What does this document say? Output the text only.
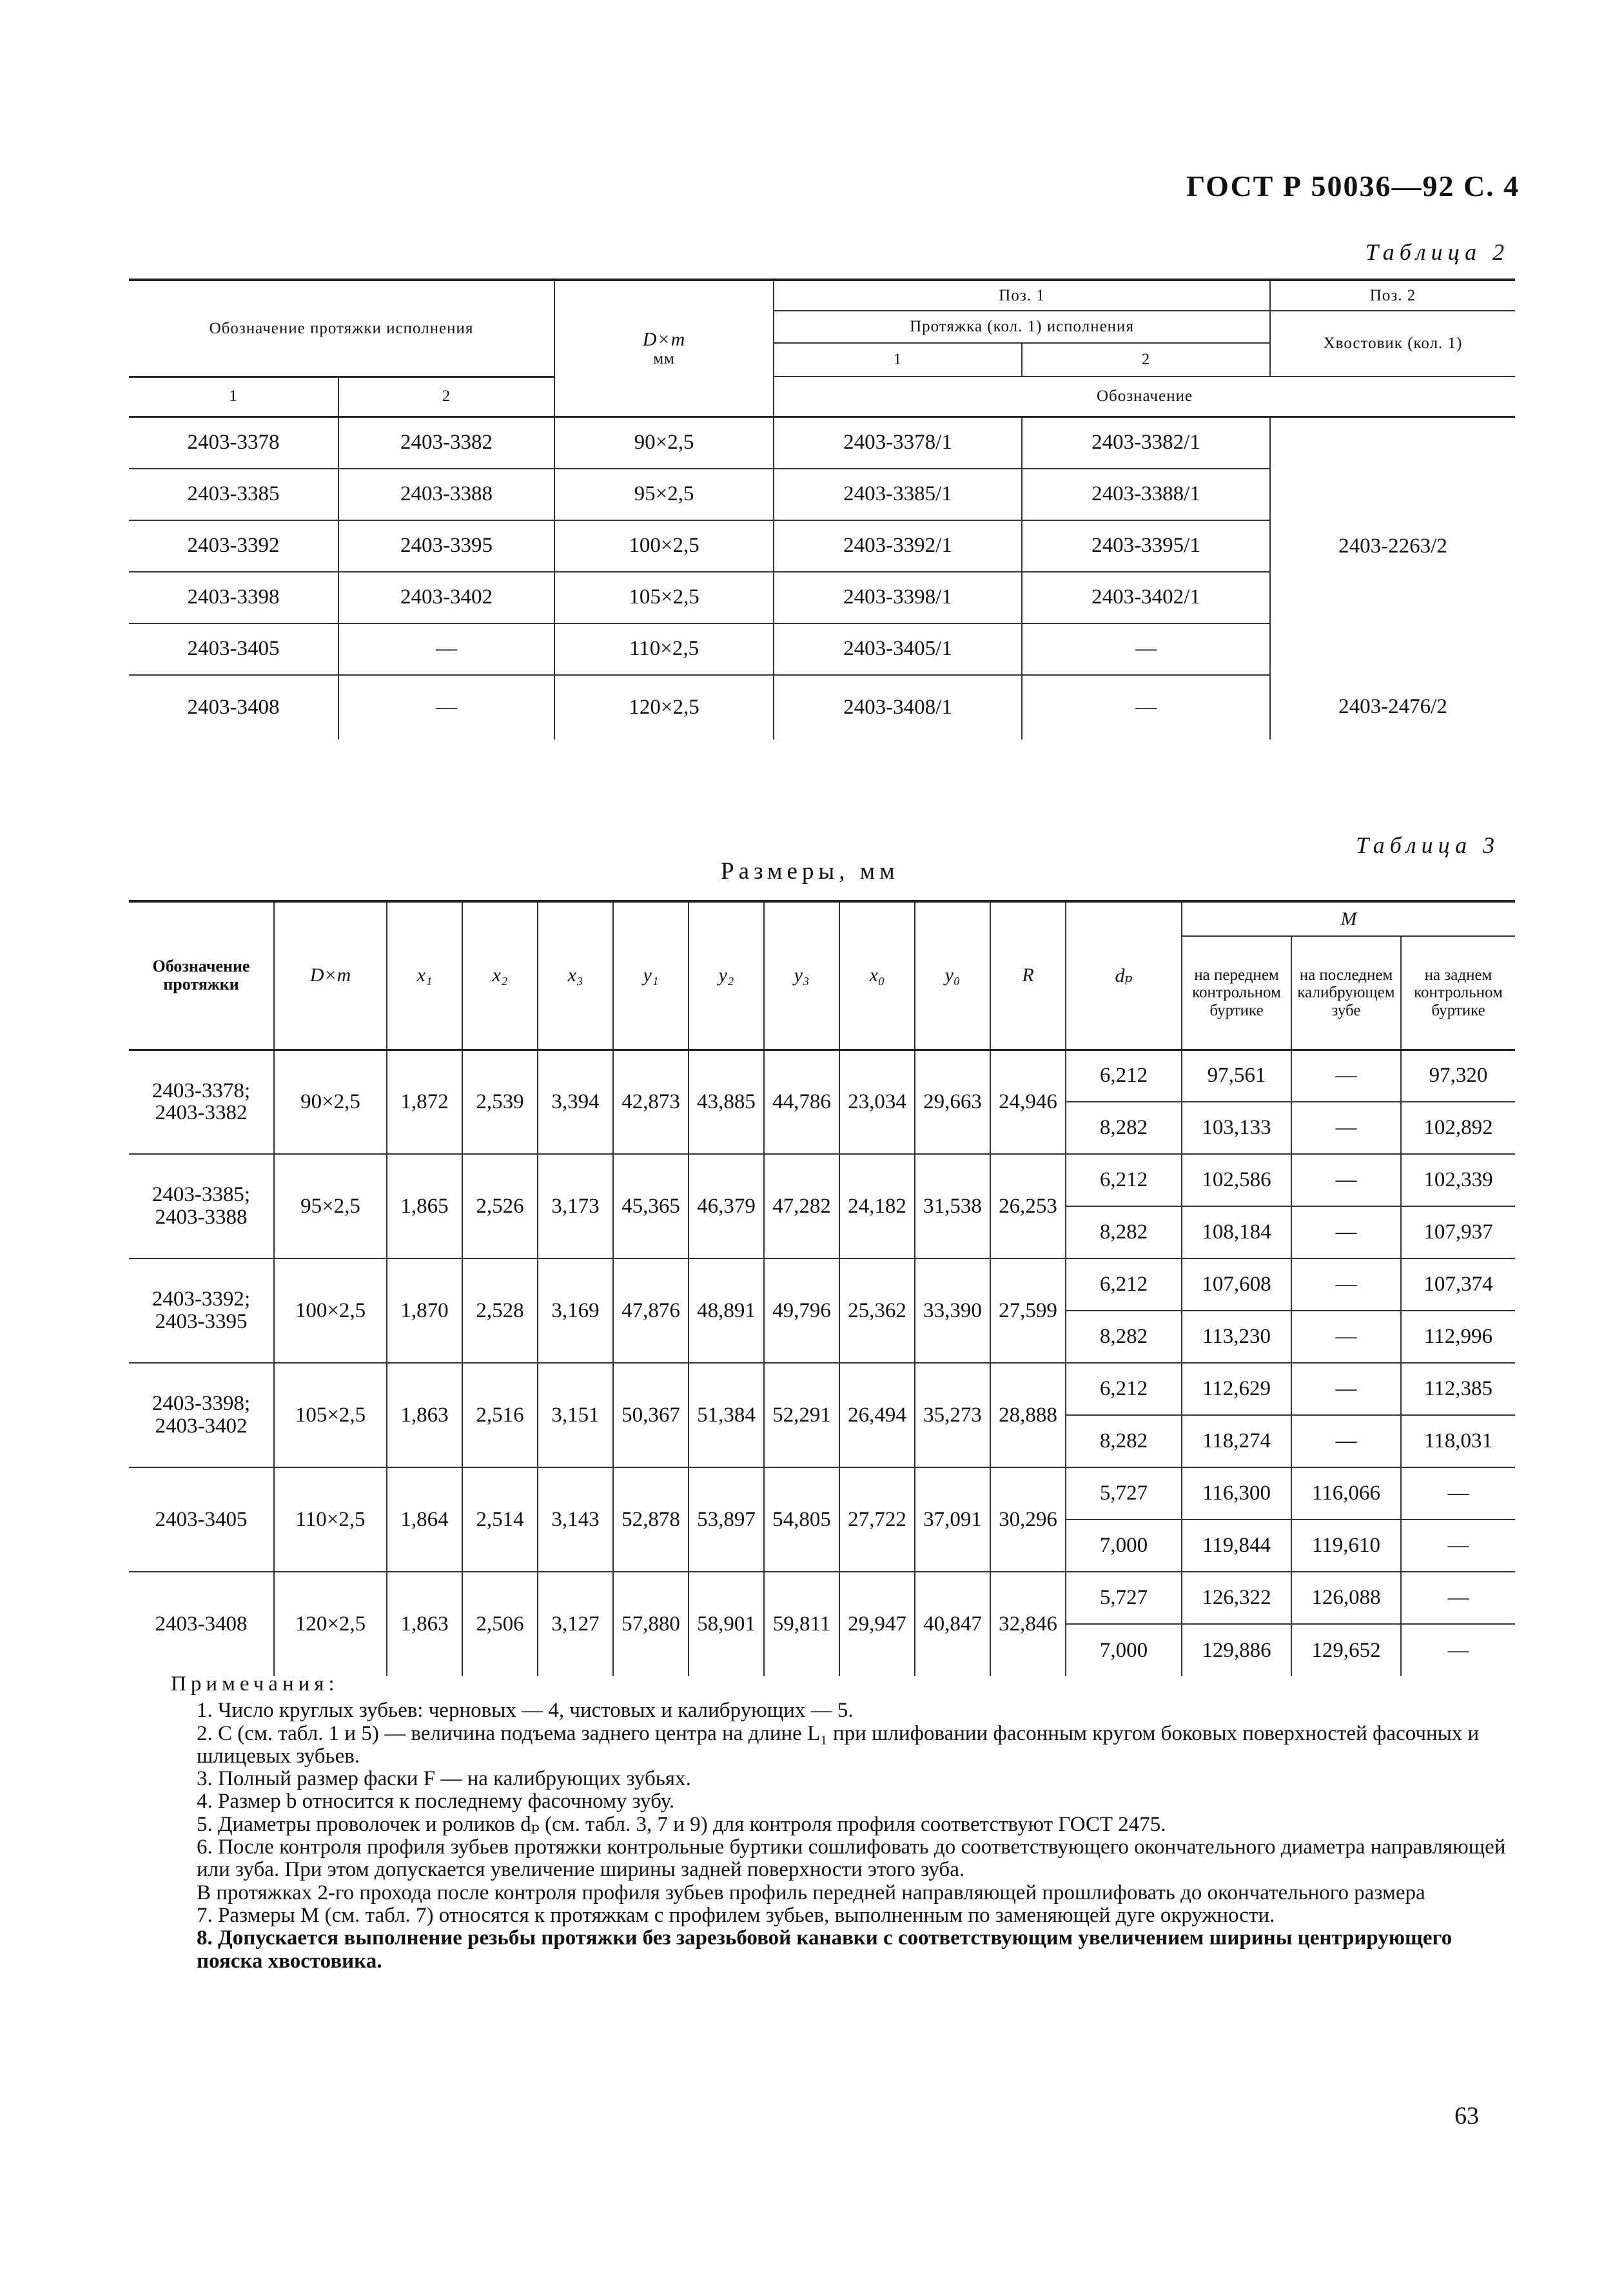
ГОСТ Р 50036—92 С. 4
Таблица 2
Обозначение протяжки исполнения		D×m
мм	Поз. 1		Поз. 2
			Протяжка (кол. 1) исполнения		Хвостовик (кол. 1)
			1	2	
1	2		Обозначение		
2403-3378	2403-3382	90×2,5	2403-3378/1	2403-3382/1	2403-2263/2
2403-3385	2403-3388	95×2,5	2403-3385/1	2403-3388/1	
2403-3392	2403-3395	100×2,5	2403-3392/1	2403-3395/1	
2403-3398	2403-3402	105×2,5	2403-3398/1	2403-3402/1	
2403-3405	—	110×2,5	2403-3405/1	—	
2403-3408	—	120×2,5	2403-3408/1	—	2403-2476/2
Таблица 3
Размеры, мм
Обозначение протяжки	D×m	x₁	x₂	x₃	y₁	y₂	y₃	x₀	y₀	R	dₚ	M		
												на переднем контрольном буртике	на последнем калибрующем зубе	на заднем контрольном буртике
2403-3378; 2403-3382	90×2,5	1,872	2,539	3,394	42,873	43,885	44,786	23,034	29,663	24,946	6,212	97,561	—	97,320
											8,282	103,133	—	102,892
2403-3385; 2403-3388	95×2,5	1,865	2,526	3,173	45,365	46,379	47,282	24,182	31,538	26,253	6,212	102,586	—	102,339
											8,282	108,184	—	107,937
2403-3392; 2403-3395	100×2,5	1,870	2,528	3,169	47,876	48,891	49,796	25,362	33,390	27,599	6,212	107,608	—	107,374
											8,282	113,230	—	112,996
2403-3398; 2403-3402	105×2,5	1,863	2,516	3,151	50,367	51,384	52,291	26,494	35,273	28,888	6,212	112,629	—	112,385
											8,282	118,274	—	118,031
2403-3405	110×2,5	1,864	2,514	3,143	52,878	53,897	54,805	27,722	37,091	30,296	5,727	116,300	116,066	—
											7,000	119,844	119,610	—
2403-3408	120×2,5	1,863	2,506	3,127	57,880	58,901	59,811	29,947	40,847	32,846	5,727	126,322	126,088	—
											7,000	129,886	129,652	—

Примечания:

1. Число круглых зубьев: черновых — 4, чистовых и калибрующих — 5.

2. C (см. табл. 1 и 5) — величина подъема заднего центра на длине L₁ при шлифовании фасонным кругом боковых поверхностей фасочных и шлицевых зубьев.

3. Полный размер фаски F — на калибрующих зубьях.

4. Размер b относится к последнему фасочному зубу.

5. Диаметры проволочек и роликов dₚ (см. табл. 3, 7 и 9) для контроля профиля соответствуют ГОСТ 2475.

6. После контроля профиля зубьев протяжки контрольные буртики сошлифовать до соответствующего окончательного диаметра направляющей или зуба. При этом допускается увеличение ширины задней поверхности этого зуба.

В протяжках 2-го прохода после контроля профиля зубьев профиль передней направляющей прошлифовать до окончательного размера

7. Размеры M (см. табл. 7) относятся к протяжкам с профилем зубьев, выполненным по заменяющей дуге окружности.

8. Допускается выполнение резьбы протяжки без зарезьбовой канавки с соответствующим увеличением ширины центрирующего пояска хвостовика.

63
